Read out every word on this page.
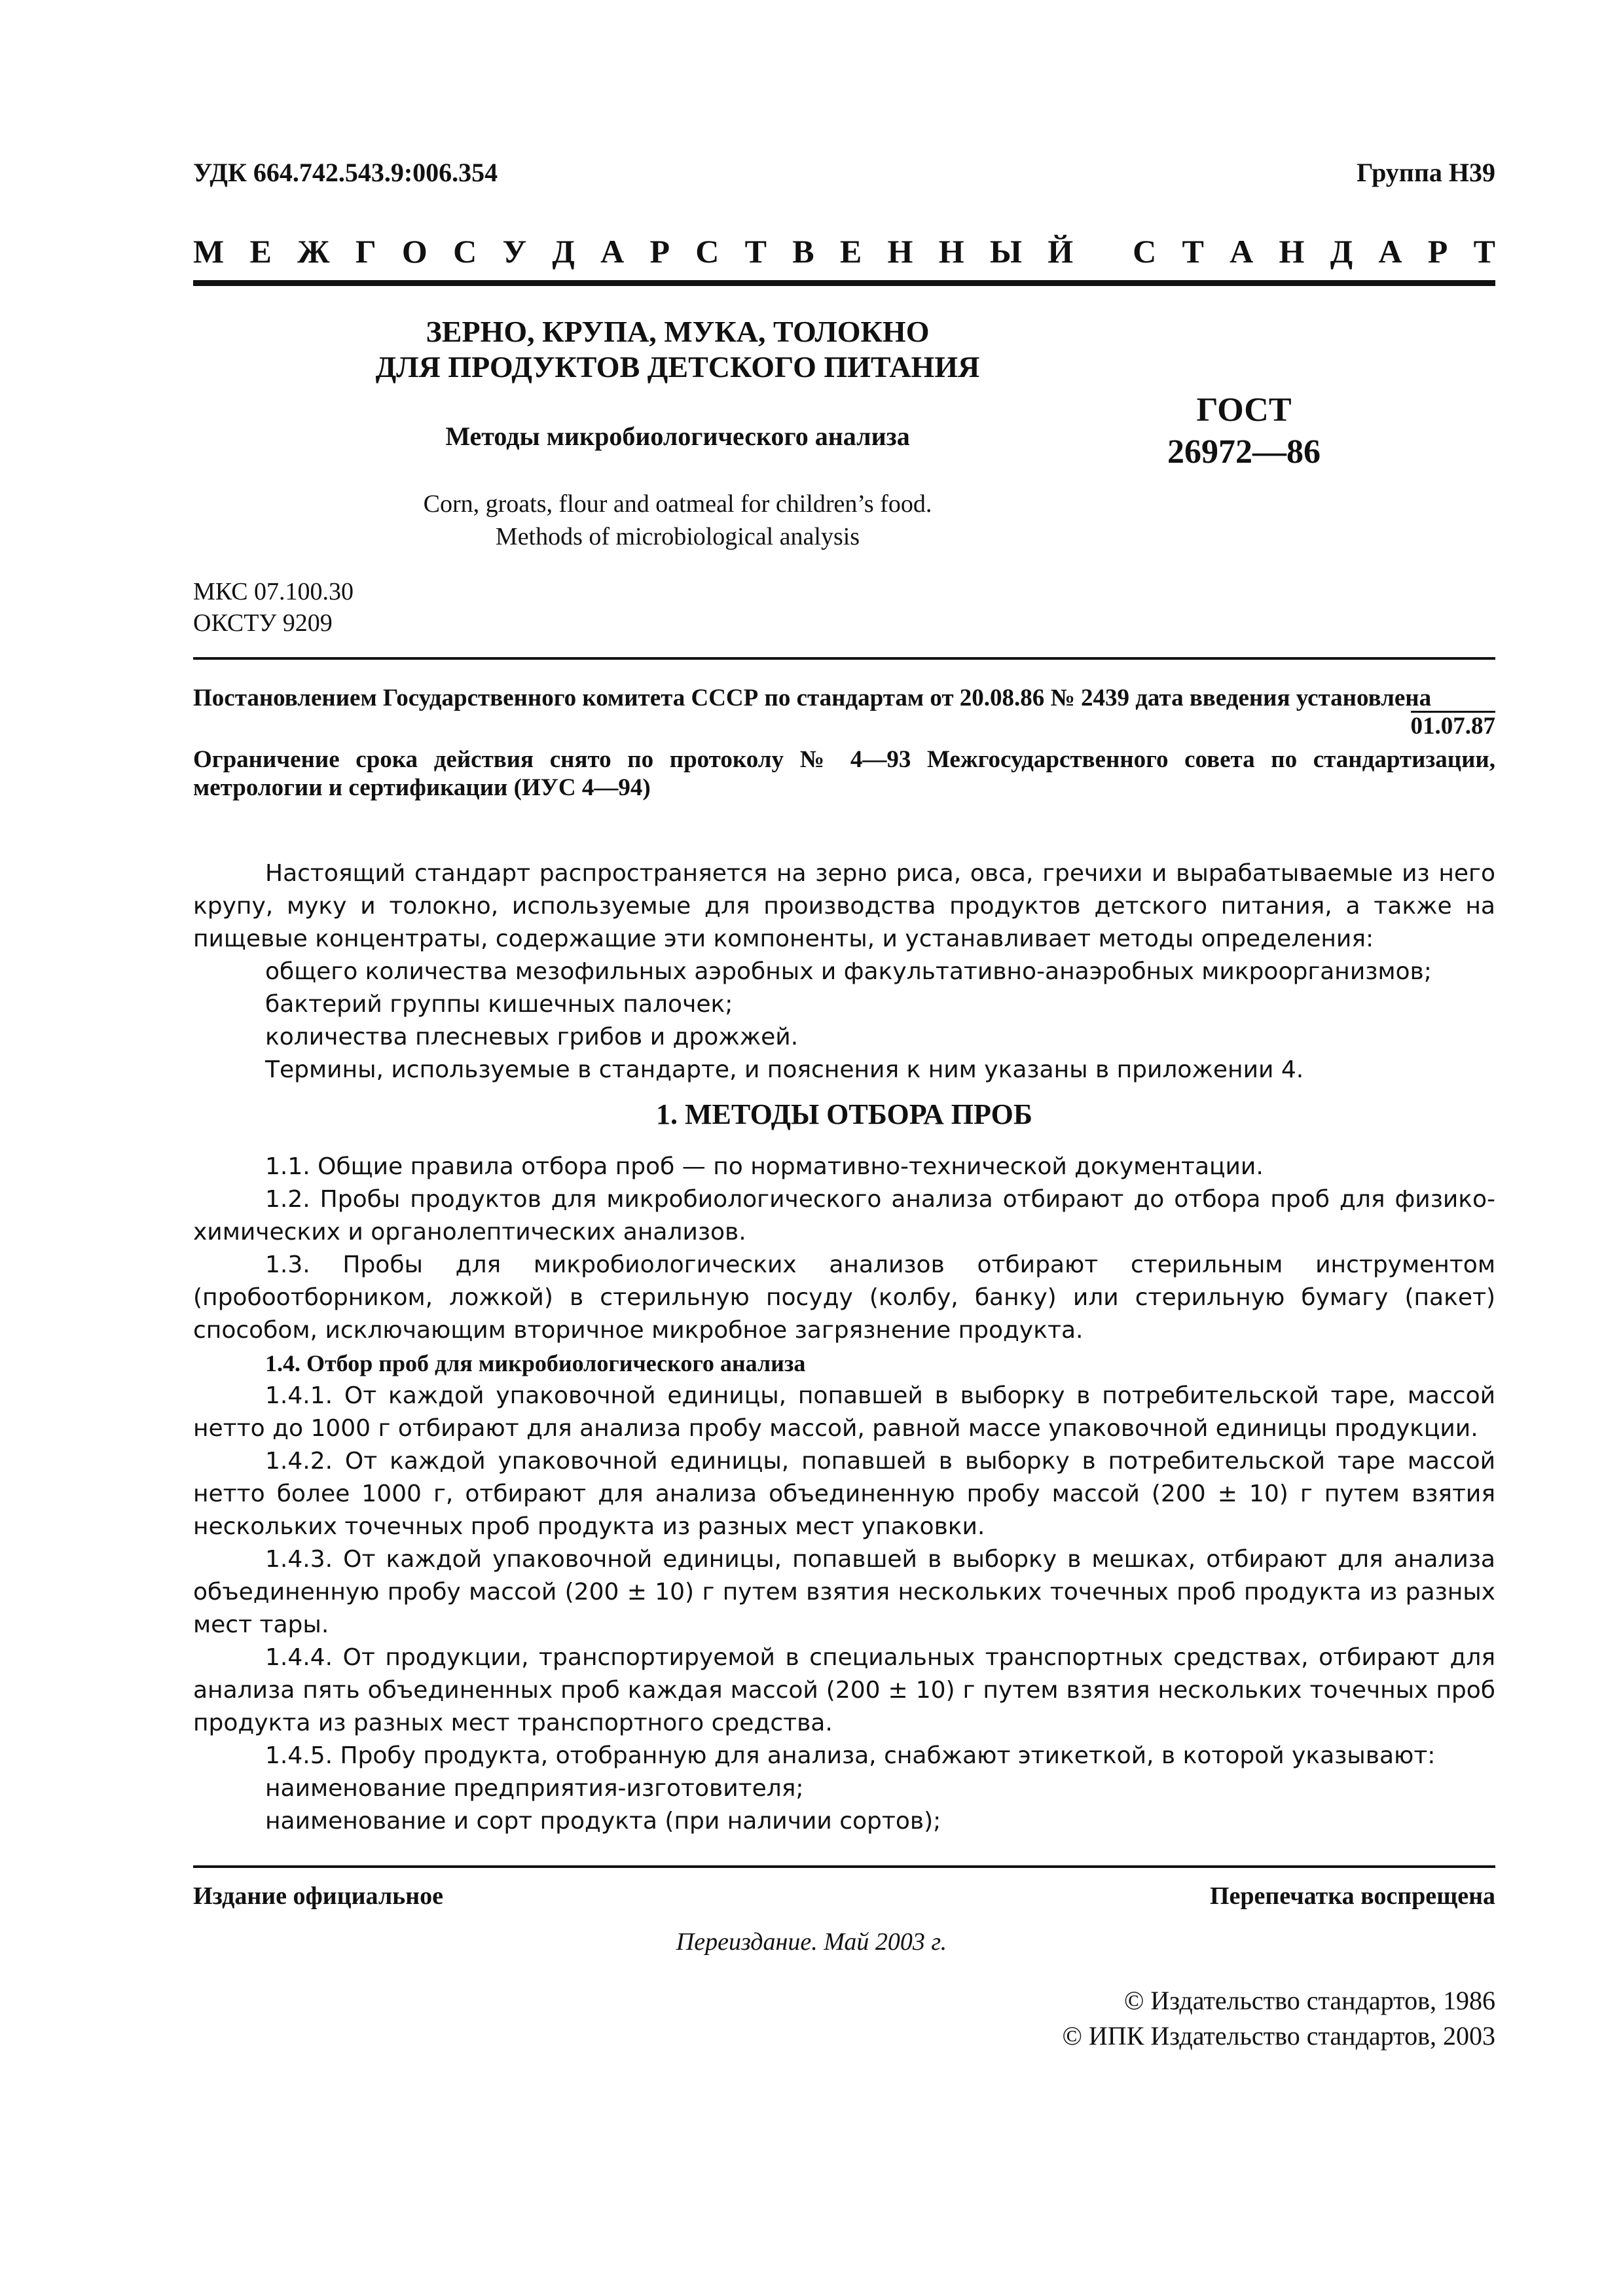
УДК 664.742.543.9:006.354	Группа Н39
М Е Ж Г О С У Д А Р С Т В Е Н Н Ы Й
С Т А Н Д А Р Т
ЗЕРНО, КРУПА, МУКА, ТОЛОКНО
ДЛЯ ПРОДУКТОВ ДЕТСКОГО ПИТАНИЯ
Методы микробиологического анализа
Corn, groats, flour and oatmeal for children’s food.
Methods of microbiological analysis
ГОСТ
26972—86
МКС 07.100.30
ОКСТУ 9209
Постановлением Государственного комитета СССР по стандартам от 20.08.86 № 2439 дата введения установлена
01.07.87
Ограничение срока действия снято по протоколу № 4—93 Межгосударственного совета по стандартизации, метрологии и сертификации (ИУС 4—94)

Настоящий стандарт распространяется на зерно риса, овса, гречихи и вырабатываемые из него крупу, муку и толокно, используемые для производства продуктов детского питания, а также на пищевые концентраты, содержащие эти компоненты, и устанавливает методы определения:

общего количества мезофильных аэробных и факультативно-анаэробных микроорганизмов;

бактерий группы кишечных палочек;

количества плесневых грибов и дрожжей.

Термины, используемые в стандарте, и пояснения к ним указаны в приложении 4.

1. МЕТОДЫ ОТБОРА ПРОБ

1.1. Общие правила отбора проб — по нормативно-технической документации.

1.2. Пробы продуктов для микробиологического анализа отбирают до отбора проб для физико-химических и органолептических анализов.

1.3. Пробы для микробиологических анализов отбирают стерильным инструментом (пробоотборником, ложкой) в стерильную посуду (колбу, банку) или стерильную бумагу (пакет) способом, исключающим вторичное микробное загрязнение продукта.

1.4. Отбор проб для микробиологического анализа

1.4.1. От каждой упаковочной единицы, попавшей в выборку в потребительской таре, массой нетто до 1000 г отбирают для анализа пробу массой, равной массе упаковочной единицы продукции.

1.4.2. От каждой упаковочной единицы, попавшей в выборку в потребительской таре массой нетто более 1000 г, отбирают для анализа объединенную пробу массой (200 ± 10) г путем взятия нескольких точечных проб продукта из разных мест упаковки.

1.4.3. От каждой упаковочной единицы, попавшей в выборку в мешках, отбирают для анализа объединенную пробу массой (200 ± 10) г путем взятия нескольких точечных проб продукта из разных мест тары.

1.4.4. От продукции, транспортируемой в специальных транспортных средствах, отбирают для анализа пять объединенных проб каждая массой (200 ± 10) г путем взятия нескольких точечных проб продукта из разных мест транспортного средства.

1.4.5. Пробу продукта, отобранную для анализа, снабжают этикеткой, в которой указывают:

наименование предприятия-изготовителя;

наименование и сорт продукта (при наличии сортов);

Издание официальное	Перепечатка воспрещена
Переиздание. Май 2003 г.
© Издательство стандартов, 1986
© ИПК Издательство стандартов, 2003
